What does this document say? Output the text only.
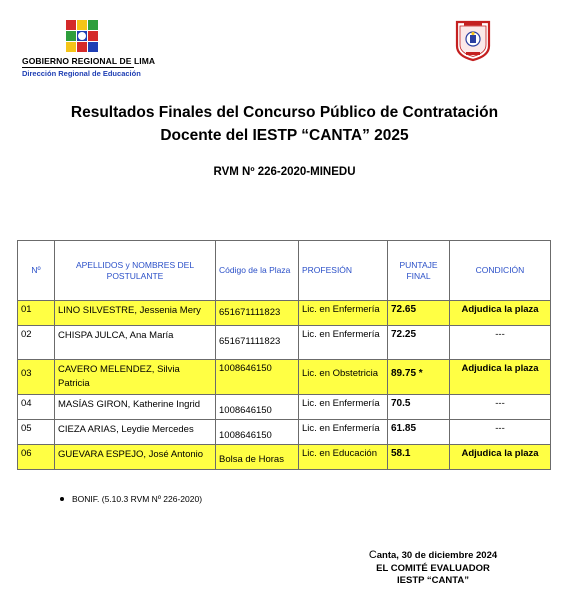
GOBIERNO REGIONAL DE LIMA
Dirección Regional de Educación
Resultados Finales del Concurso Público de Contratación
Docente del IESTP “CANTA” 2025
RVM Nº 226-2020-MINEDU
Nº	APELLIDOS y NOMBRES DEL POSTULANTE	Código de la Plaza	PROFESIÓN	PUNTAJE FINAL	CONDICIÓN
01	LINO SILVESTRE, Jessenia Mery	651671111823	Lic. en Enfermería	72.65	Adjudica la plaza
02	CHISPA JULCA, Ana María	651671111823	Lic. en Enfermería	72.25	---
03	CAVERO MELENDEZ, Silvia Patricia	1008646150	Lic. en Obstetricia	89.75 *	Adjudica la plaza
04	MASÍAS GIRON, Katherine Ingrid	1008646150	Lic. en Enfermería	70.5	---
05	CIEZA ARIAS, Leydie Mercedes	1008646150	Lic. en Enfermería	61.85	---
06	GUEVARA ESPEJO, José Antonio	Bolsa de Horas	Lic. en Educación	58.1	Adjudica la plaza
BONIF. (5.10.3 RVM Nº 226-2020)
Canta, 30 de diciembre 2024
EL COMITÉ EVALUADOR
IESTP “CANTA”
